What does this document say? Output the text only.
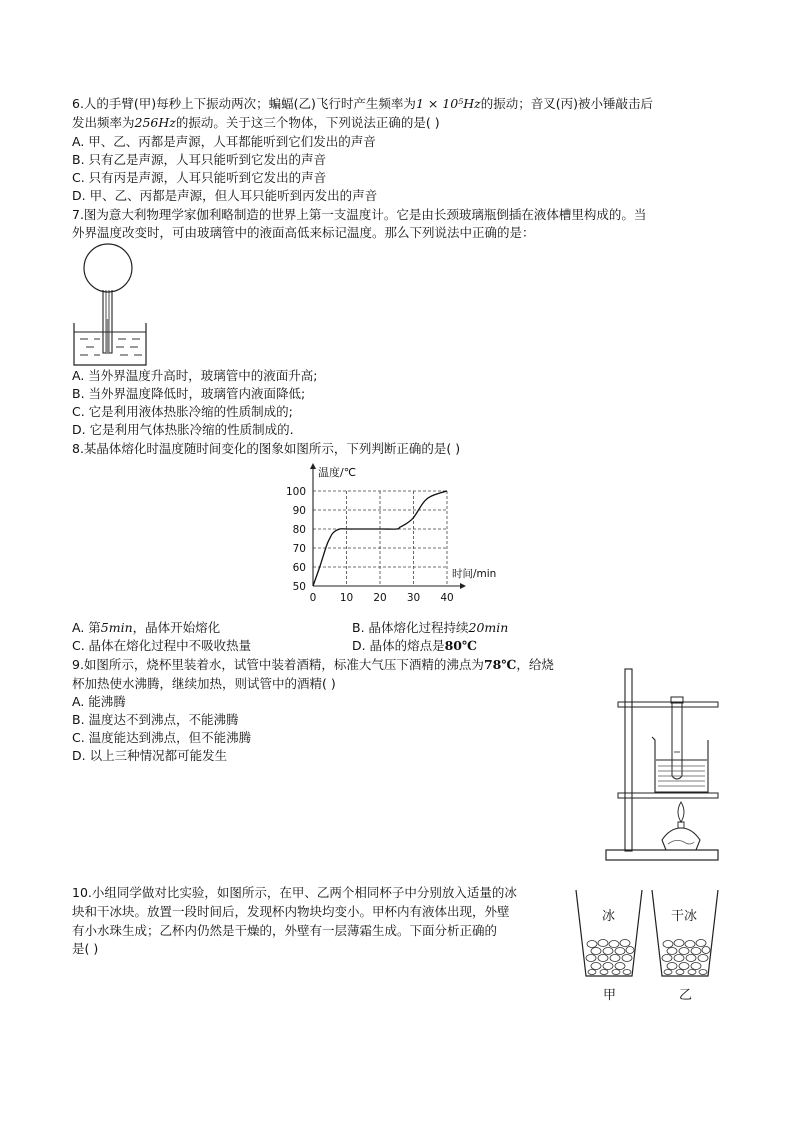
6.人的手臂(甲)每秒上下振动两次；蝙蝠(乙)飞行时产生频率为1 × 10⁵Hz的振动；音叉(丙)被小锤敲击后
发出频率为256Hz的振动。关于这三个物体，下列说法正确的是( )
A. 甲、乙、丙都是声源，人耳都能听到它们发出的声音
B. 只有乙是声源，人耳只能听到它发出的声音
C. 只有丙是声源，人耳只能听到它发出的声音
D. 甲、乙、丙都是声源，但人耳只能听到丙发出的声音
7.图为意大利物理学家伽利略制造的世界上第一支温度计。它是由长颈玻璃瓶倒插在液体槽里构成的。当
外界温度改变时，可由玻璃管中的液面高低来标记温度。那么下列说法中正确的是：
A. 当外界温度升高时，玻璃管中的液面升高;
B. 当外界温度降低时，玻璃管内液面降低;
C. 它是利用液体热胀冷缩的性质制成的;
D. 它是利用气体热胀冷缩的性质制成的.
8.某晶体熔化时温度随时间变化的图象如图所示，下列判断正确的是( )
温度/℃
时间/min
0 10 20 30 40
50
60
70
80
90
100
A. 第5min，晶体开始熔化	B. 晶体熔化过程持续20min
C. 晶体在熔化过程中不吸收热量	D. 晶体的熔点是80℃
9.如图所示，烧杯里装着水，试管中装着酒精，标准大气压下酒精的沸点为78℃，给烧
杯加热使水沸腾，继续加热，则试管中的酒精( )
A. 能沸腾
B. 温度达不到沸点，不能沸腾
C. 温度能达到沸点，但不能沸腾
D. 以上三种情况都可能发生
10.小组同学做对比实验，如图所示，在甲、乙两个相同杯子中分别放入适量的冰
块和干冰块。放置一段时间后，发现杯内物块均变小。甲杯内有液体出现，外壁
有小水珠生成；乙杯内仍然是干燥的，外壁有一层薄霜生成。下面分析正确的
是( )
冰
甲
干冰
乙
